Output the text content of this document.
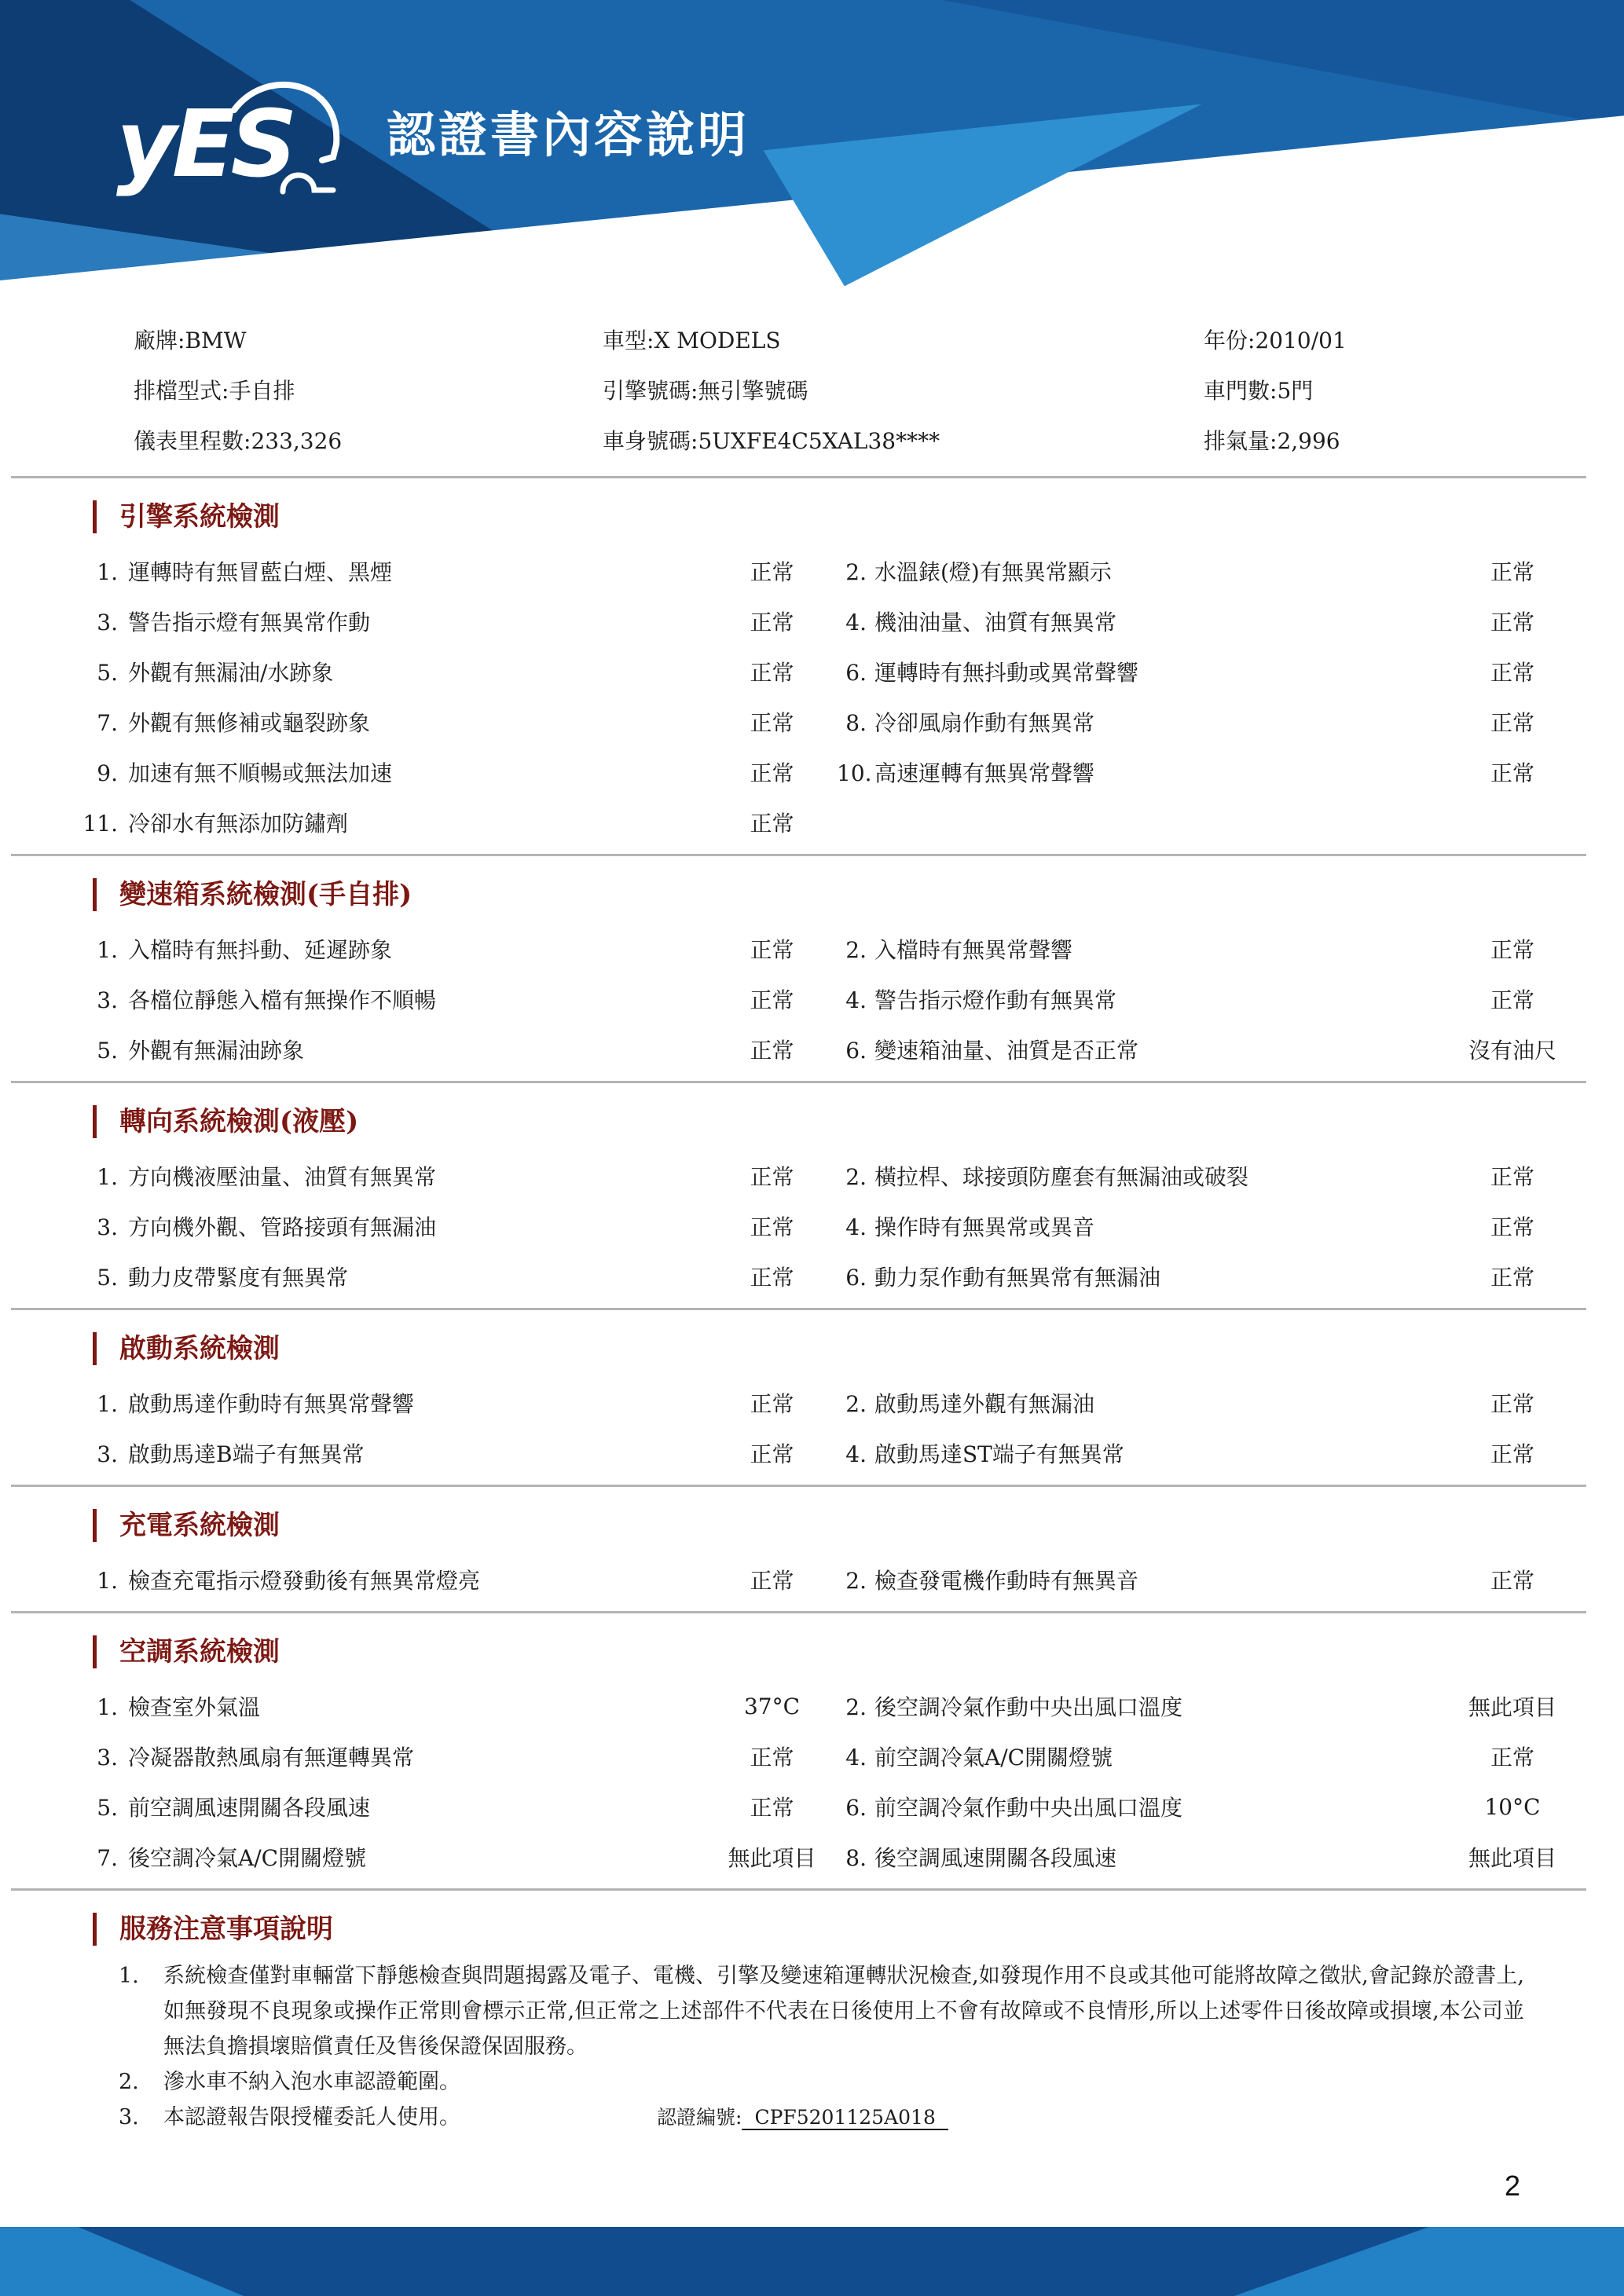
yES 認證書內容說明
廠牌:BMW	車型:X MODELS	年份:2010/01
排檔型式:手自排	引擎號碼:無引擎號碼	車門數:5門
儀表里程數:233,326	車身號碼:5UXFE4C5XAL38****	排氣量:2,996
引擎系統檢測
1. 運轉時有無冒藍白煙、黑煙	正常	2. 水溫錶(燈)有無異常顯示	正常
3. 警告指示燈有無異常作動	正常	4. 機油油量、油質有無異常	正常
5. 外觀有無漏油/水跡象	正常	6. 運轉時有無抖動或異常聲響	正常
7. 外觀有無修補或龜裂跡象	正常	8. 冷卻風扇作動有無異常	正常
9. 加速有無不順暢或無法加速	正常	10. 高速運轉有無異常聲響	正常
11. 冷卻水有無添加防鏽劑	正常
變速箱系統檢測(手自排)
1. 入檔時有無抖動、延遲跡象	正常	2. 入檔時有無異常聲響	正常
3. 各檔位靜態入檔有無操作不順暢	正常	4. 警告指示燈作動有無異常	正常
5. 外觀有無漏油跡象	正常	6. 變速箱油量、油質是否正常	沒有油尺
轉向系統檢測(液壓)
1. 方向機液壓油量、油質有無異常	正常	2. 橫拉桿、球接頭防塵套有無漏油或破裂	正常
3. 方向機外觀、管路接頭有無漏油	正常	4. 操作時有無異常或異音	正常
5. 動力皮帶緊度有無異常	正常	6. 動力泵作動有無異常有無漏油	正常
啟動系統檢測
1. 啟動馬達作動時有無異常聲響	正常	2. 啟動馬達外觀有無漏油	正常
3. 啟動馬達B端子有無異常	正常	4. 啟動馬達ST端子有無異常	正常
充電系統檢測
1. 檢查充電指示燈發動後有無異常燈亮	正常	2. 檢查發電機作動時有無異音	正常
空調系統檢測
1. 檢查室外氣溫	37°C	2. 後空調冷氣作動中央出風口溫度	無此項目
3. 冷凝器散熱風扇有無運轉異常	正常	4. 前空調冷氣A/C開關燈號	正常
5. 前空調風速開關各段風速	正常	6. 前空調冷氣作動中央出風口溫度	10°C
7. 後空調冷氣A/C開關燈號	無此項目	8. 後空調風速開關各段風速	無此項目
服務注意事項說明
1.	系統檢查僅對車輛當下靜態檢查與問題揭露及電子、電機、引擎及變速箱運轉狀況檢查,如發現作用不良或其他可能將故障之徵狀,會記錄於證書上,如無發現不良現象或操作正常則會標示正常,但正常之上述部件不代表在日後使用上不會有故障或不良情形,所以上述零件日後故障或損壞,本公司並無法負擔損壞賠償責任及售後保證保固服務。
2.	滲水車不納入泡水車認證範圍。
3.	本認證報告限授權委託人使用。	認證編號: CPF5201125A018
2
